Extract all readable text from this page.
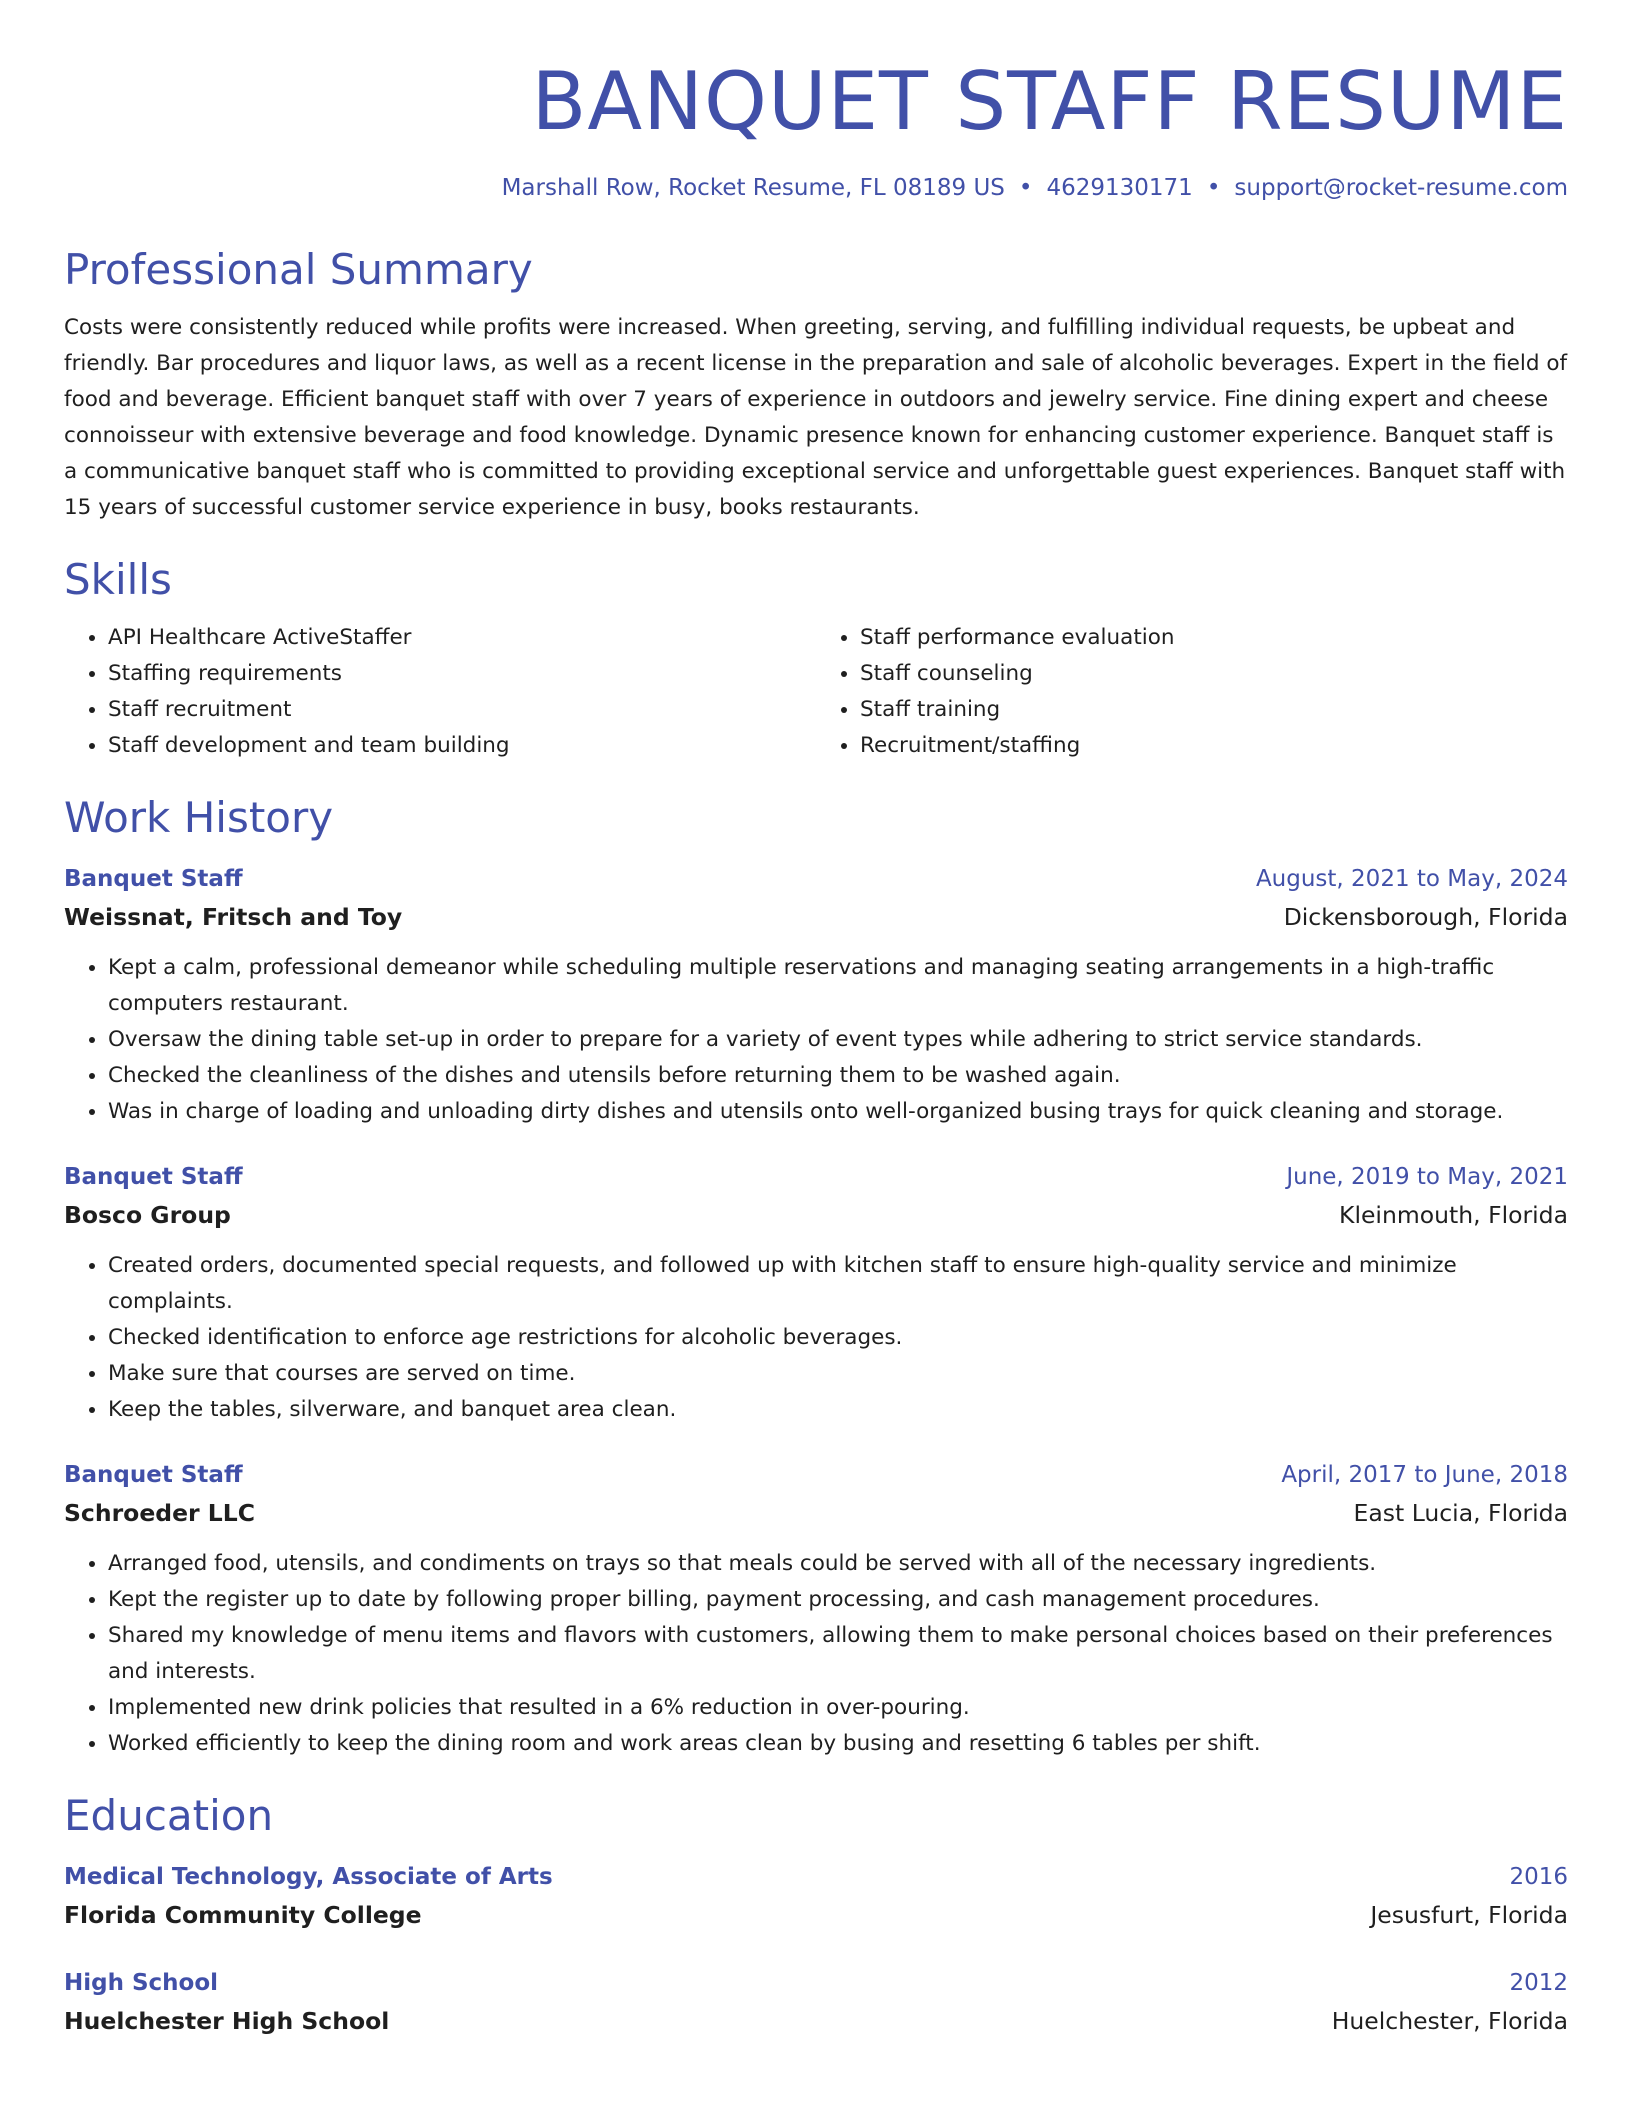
BANQUET STAFF RESUME
Marshall Row, Rocket Resume, FL 08189 US • 4629130171 • support@rocket-resume.com
Professional Summary

Costs were consistently reduced while profits were increased. When greeting, serving, and fulfilling individual requests, be upbeat and friendly. Bar procedures and liquor laws, as well as a recent license in the preparation and sale of alcoholic beverages. Expert in the field of food and beverage. Efficient banquet staff with over 7 years of experience in outdoors and jewelry service. Fine dining expert and cheese connoisseur with extensive beverage and food knowledge. Dynamic presence known for enhancing customer experience. Banquet staff is a communicative banquet staff who is committed to providing exceptional service and unforgettable guest experiences. Banquet staff with 15 years of successful customer service experience in busy, books restaurants.

Skills
• API Healthcare ActiveStaffer
• Staffing requirements
• Staff recruitment
• Staff development and team building
• Staff performance evaluation
• Staff counseling
• Staff training
• Recruitment/staffing
Work History
Banquet Staff	August, 2021 to May, 2024
Weissnat, Fritsch and Toy	Dickensborough, Florida
• Kept a calm, professional demeanor while scheduling multiple reservations and managing seating arrangements in a high-traffic computers restaurant.
• Oversaw the dining table set-up in order to prepare for a variety of event types while adhering to strict service standards.
• Checked the cleanliness of the dishes and utensils before returning them to be washed again.
• Was in charge of loading and unloading dirty dishes and utensils onto well-organized busing trays for quick cleaning and storage.
Banquet Staff	June, 2019 to May, 2021
Bosco Group	Kleinmouth, Florida
• Created orders, documented special requests, and followed up with kitchen staff to ensure high-quality service and minimize complaints.
• Checked identification to enforce age restrictions for alcoholic beverages.
• Make sure that courses are served on time.
• Keep the tables, silverware, and banquet area clean.
Banquet Staff	April, 2017 to June, 2018
Schroeder LLC	East Lucia, Florida
• Arranged food, utensils, and condiments on trays so that meals could be served with all of the necessary ingredients.
• Kept the register up to date by following proper billing, payment processing, and cash management procedures.
• Shared my knowledge of menu items and flavors with customers, allowing them to make personal choices based on their preferences and interests.
• Implemented new drink policies that resulted in a 6% reduction in over-pouring.
• Worked efficiently to keep the dining room and work areas clean by busing and resetting 6 tables per shift.
Education
Medical Technology, Associate of Arts	2016
Florida Community College	Jesusfurt, Florida
High School	2012
Huelchester High School	Huelchester, Florida
